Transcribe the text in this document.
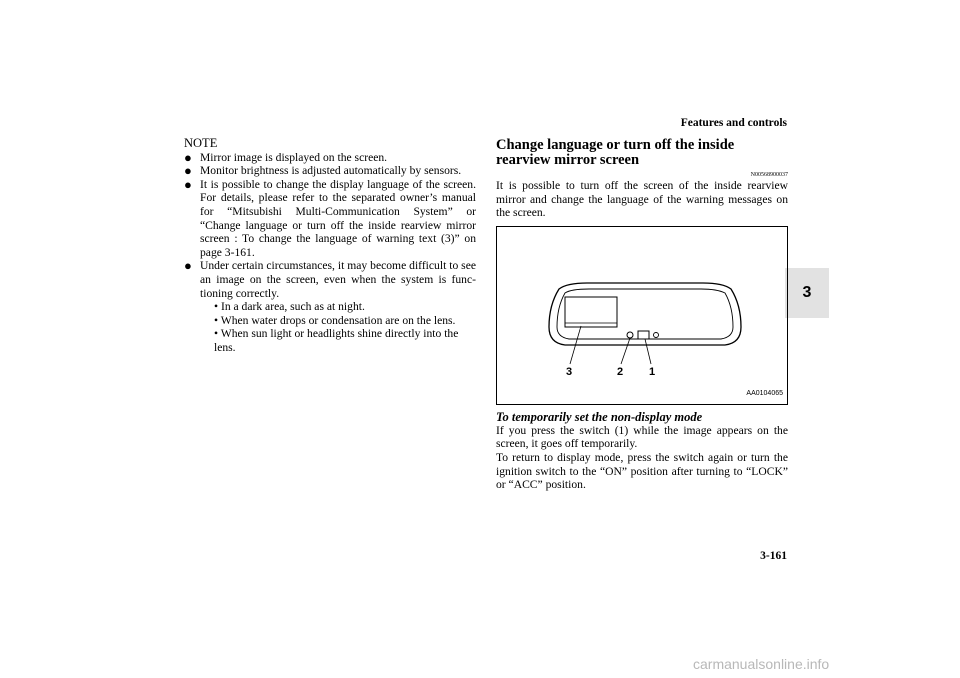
Features and controls
3
NOTE
● Mirror image is displayed on the screen.
● Monitor brightness is adjusted automatically by sensors.
● It is possible to change the display language of the screen. For details, please refer to the separated owner’s manual for “Mitsubishi Multi-Communication System” or “Change language or turn off the inside rearview mirror screen : To change the language of warning text (3)” on page 3-161.
● Under certain circumstances, it may become difficult to see an image on the screen, even when the system is func-tioning correctly.
• In a dark area, such as at night.
• When water drops or condensation are on the lens.
• When sun light or headlights shine directly into the lens.
Change language or turn off the inside rearview mirror screen
N00568900037

It is possible to turn off the screen of the inside rearview mirror and change the language of the warning messages on the screen.

3	2 1
AA0104065
To temporarily set the non-display mode

If you press the switch (1) while the image appears on the screen, it goes off temporarily.

To return to display mode, press the switch again or turn the ignition switch to the “ON” position after turning to “LOCK” or “ACC” position.

3-161
carmanualsonline.info
